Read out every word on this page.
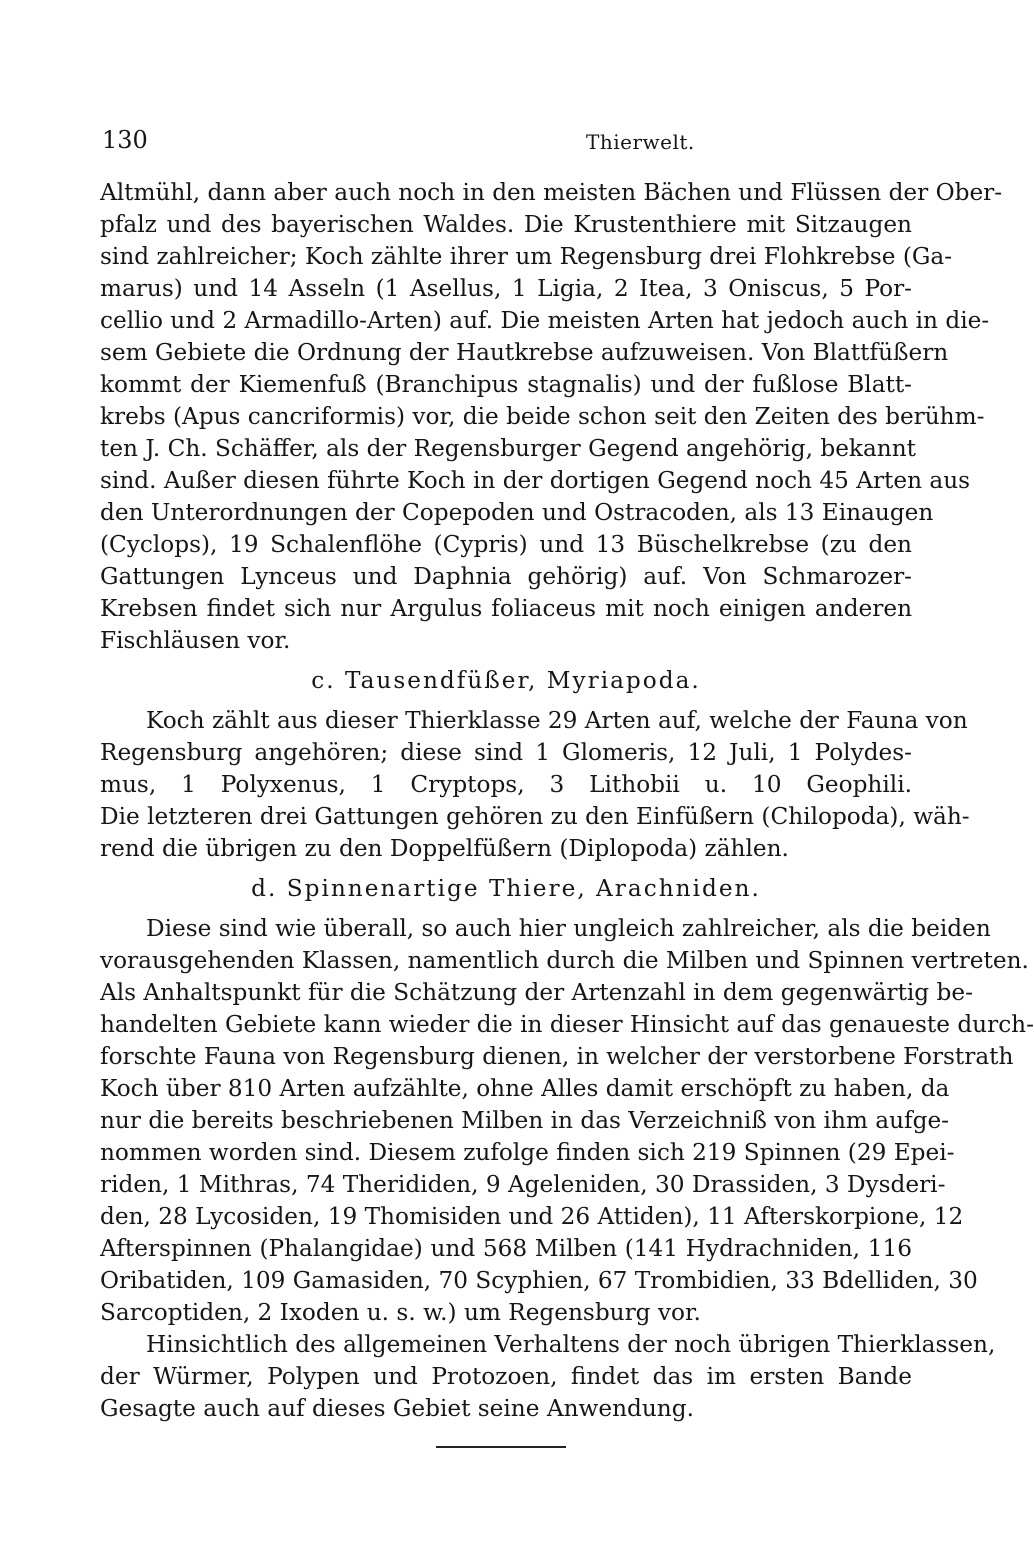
130	Thierwelt.
Altmühl, dann aber auch noch in den meisten Bächen und Flüssen der Ober-
pfalz und des bayerischen Waldes. Die Krustenthiere mit Sitzaugen
sind zahlreicher; Koch zählte ihrer um Regensburg drei Flohkrebse (Ga-
marus) und 14 Asseln (1 Asellus, 1 Ligia, 2 Itea, 3 Oniscus, 5 Por-
cellio und 2 Armadillo-Arten) auf. Die meisten Arten hat jedoch auch in die-
sem Gebiete die Ordnung der Hautkrebse aufzuweisen. Von Blattfüßern
kommt der Kiemenfuß (Branchipus stagnalis) und der fußlose Blatt-
krebs (Apus cancriformis) vor, die beide schon seit den Zeiten des berühm-
ten J. Ch. Schäffer, als der Regensburger Gegend angehörig, bekannt
sind. Außer diesen führte Koch in der dortigen Gegend noch 45 Arten aus
den Unterordnungen der Copepoden und Ostracoden, als 13 Einaugen
(Cyclops), 19 Schalenflöhe (Cypris) und 13 Büschelkrebse (zu den
Gattungen Lynceus und Daphnia gehörig) auf. Von Schmarozer-
Krebsen findet sich nur Argulus foliaceus mit noch einigen anderen
Fischläusen vor.
c. Tausendfüßer, Myriapoda.
Koch zählt aus dieser Thierklasse 29 Arten auf, welche der Fauna von
Regensburg angehören; diese sind 1 Glomeris, 12 Juli, 1 Polydes-
mus, 1 Polyxenus, 1 Cryptops, 3 Lithobii u. 10 Geophili.
Die letzteren drei Gattungen gehören zu den Einfüßern (Chilopoda), wäh-
rend die übrigen zu den Doppelfüßern (Diplopoda) zählen.
d. Spinnenartige Thiere, Arachniden.
Diese sind wie überall, so auch hier ungleich zahlreicher, als die beiden
vorausgehenden Klassen, namentlich durch die Milben und Spinnen vertreten.
Als Anhaltspunkt für die Schätzung der Artenzahl in dem gegenwärtig be-
handelten Gebiete kann wieder die in dieser Hinsicht auf das genaueste durch-
forschte Fauna von Regensburg dienen, in welcher der verstorbene Forstrath
Koch über 810 Arten aufzählte, ohne Alles damit erschöpft zu haben, da
nur die bereits beschriebenen Milben in das Verzeichniß von ihm aufge-
nommen worden sind. Diesem zufolge finden sich 219 Spinnen (29 Epei-
riden, 1 Mithras, 74 Therididen, 9 Ageleniden, 30 Drassiden, 3 Dysderi-
den, 28 Lycosiden, 19 Thomisiden und 26 Attiden), 11 Afterskorpione, 12
Afterspinnen (Phalangidae) und 568 Milben (141 Hydrachniden, 116
Oribatiden, 109 Gamasiden, 70 Scyphien, 67 Trombidien, 33 Bdelliden, 30
Sarcoptiden, 2 Ixoden u. s. w.) um Regensburg vor.
Hinsichtlich des allgemeinen Verhaltens der noch übrigen Thierklassen,
der Würmer, Polypen und Protozoen, findet das im ersten Bande
Gesagte auch auf dieses Gebiet seine Anwendung.
